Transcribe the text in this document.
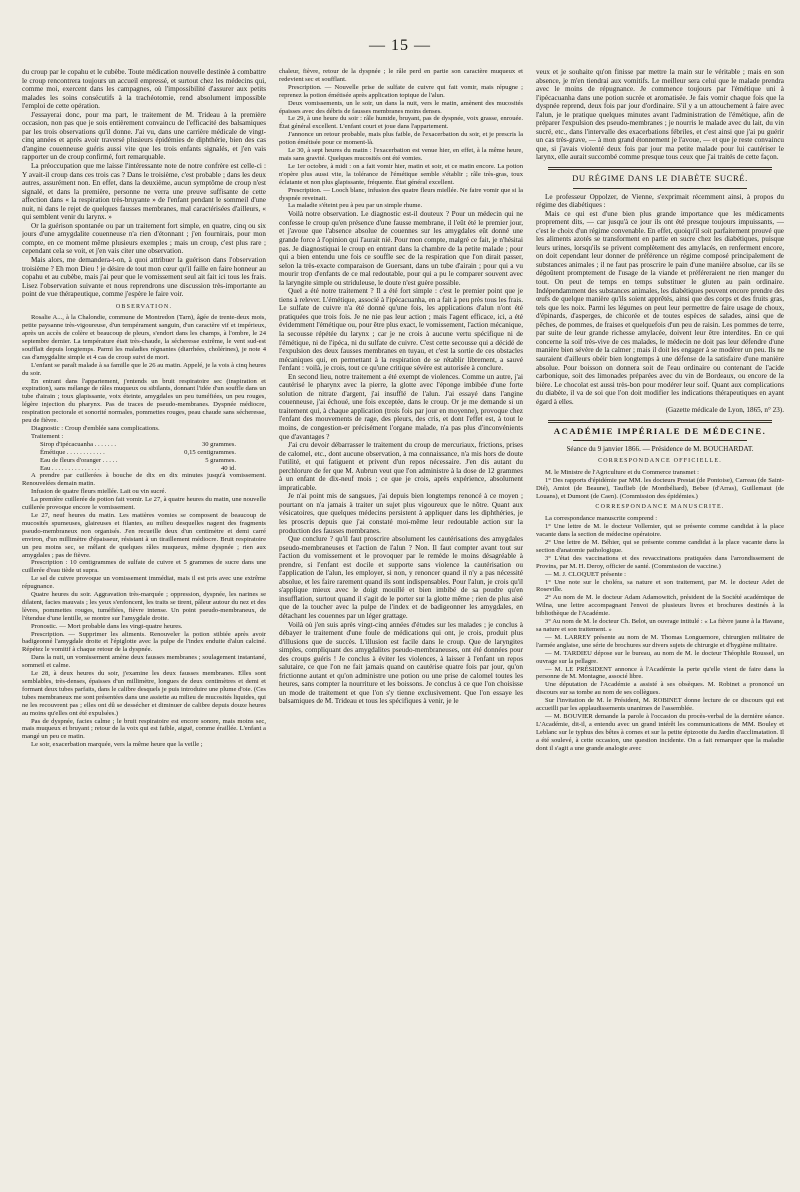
— 15 —

du croup par le copahu et le cubèbe. Toute médication nouvelle destinée à combattre le croup rencontrera toujours un accueil empressé, et surtout chez les médecins qui, comme moi, exercent dans les campagnes, où l'impossibilité d'assurer aux petits malades les soins consécutifs à la trachéotomie, rend absolument impossible l'emploi de cette opération.

J'essayerai donc, pour ma part, le traitement de M. Trideau à la première occasion, non pas que je sois entièrement convaincu de l'efficacité des balsamiques par les trois observations qu'il donne. J'ai vu, dans une carrière médicale de vingt-cinq années et après avoir traversé plusieurs épidémies de diphthérie, bien des cas d'angine couenneuse guéris aussi vite que les trois enfants signalés, et j'en vais rapporter un de croup confirmé, fort remarquable.

La préoccupation que me laisse l'intéressante note de notre confrère est celle-ci : Y avait-il croup dans ces trois cas ? Dans le troisième, c'est probable ; dans les deux autres, assurément non. En effet, dans la deuxième, aucun symptôme de croup n'est signalé, et dans la première, personne ne verra une preuve suffisante de cette affection dans « la respiration très-bruyante » de l'enfant pendant le sommeil d'une nuit, ni dans le rejet de quelques fausses membranes, mal caractérisées d'ailleurs, « qui semblent venir du larynx. »

Or la guérison spontanée ou par un traitement fort simple, en quatre, cinq ou six jours d'une amygdalite couenneuse n'a rien d'étonnant ; j'en fournirais, pour mon compte, en ce moment même plusieurs exemples ; mais un croup, c'est plus rare ; cependant cela se voit, et j'en vais citer une observation.

Mais alors, me demandera-t-on, à quoi attribuer la guérison dans l'observation troisième ? Eh mon Dieu ! je désire de tout mon cœur qu'il faille en faire honneur au copahu et au cubèbe, mais j'ai peur que le vomissement seul ait fait ici tous les frais. Lisez l'observation suivante et nous reprendrons une discussion très-importante au point de vue thérapeutique, comme j'espère le faire voir.

OBSERVATION.

Rosalie A..., à la Chalondie, commune de Montredon (Tarn), âgée de trente-deux mois, petite paysanne très-vigoureuse, d'un tempérament sanguin, d'un caractère vif et impérieux, après un accès de colère et beaucoup de pleurs, s'endort dans les champs, à l'ombre, le 24 septembre dernier. La température était très-chaude, la sécheresse extrême, le vent sud-est soufflait depuis longtemps. Parmi les maladies régnantes (diarrhées, cholérines), je note 4 cas d'amygdalite simple et 4 cas de croup suivi de mort.

L'enfant se paraît malade à sa famille que le 26 au matin. Appelé, je la vois à cinq heures du soir.

En entrant dans l'appartement, j'entends un bruit respiratoire sec (inspiration et expiration), sans mélange de râles muqueux ou sibilants, donnant l'idée d'un souffle dans un tube d'airain ; toux glapissante, voix éteinte, amygdales un peu tuméfiées, un peu rouges, légère injection du pharynx. Pas de traces de pseudo-membranes. Dyspnée médiocre, respiration pectorale et sonorité normales, pommettes rouges, peau chaude sans sécheresse, peu de fièvre.

Diagnostic : Croup d'emblée sans complications.

Traitement :

Sirop d'ipécacuanha . . . . . . .	30 grammes.
Émétique . . . . . . . . . . . .	0,15 centigrammes.
Eau de fleurs d'oranger . . . . .	5 grammes.
Eau . . . . . . . . . . . . . . .	40 id.

A prendre par cuillerées à bouche de dix en dix minutes jusqu'à vomissement. Renouvelées demain matin.

Infusion de quatre fleurs miellée. Lait ou vin sucré.

La première cuillerée de potion fait vomir. Le 27, à quatre heures du matin, une nouvelle cuillerée provoque encore le vomissement.

Le 27, neuf heures du matin. Les matières vomies se composent de beaucoup de mucosités spumeuses, glaireuses et filantes, au milieu desquelles nagent des fragments pseudo-membraneux non organisés. J'en recueille deux d'un centimètre et demi carré environ, d'un millimètre d'épaisseur, résistant à un tiraillement médiocre. Bruit respiratoire un peu moins sec, se mêlant de quelques râles muqueux, même dyspnée ; rien aux amygdales ; pas de fièvre.

Prescription : 10 centigrammes de sulfate de cuivre et 5 grammes de sucre dans une cuillerée d'eau tiède ut supra.

Le sel de cuivre provoque un vomissement immédiat, mais il est pris avec une extrême répugnance.

Quatre heures du soir. Aggravation très-marquée ; oppression, dyspnée, les narines se dilatent, facies mauvais ; les yeux s'enfoncent, les traits se tirent, pâleur autour du nez et des lèvres, pommettes rouges, tuméfiées, fièvre intense. Un point pseudo-membraneux, de l'étendue d'une lentille, se montre sur l'amygdale droite.

Pronostic. — Mort probable dans les vingt-quatre heures.

Prescription. — Supprimer les aliments. Renouveler la potion stibiée après avoir badigeonné l'amygdale droite et l'épiglotte avec la pulpe de l'index enduite d'alun calciné. Répétez le vomitif à chaque retour de la dyspnée.

Dans la nuit, un vomissement amène deux fausses membranes ; soulagement instantané, sommeil et calme.

Le 28, à deux heures du soir, j'examine les deux fausses membranes. Elles sont semblables, très-denses, épaisses d'un millimètre, longues de deux centimètres et demi et formant deux tubes parfaits, dans le calibre desquels je puis introduire une plume d'oie. (Ces tubes membraneux me sont présentées dans une assiette au milieu de mucosités liquides, qui ne les recouvrent pas ; elles ont dû se dessécher et diminuer de calibre depuis douze heures au moins qu'elles ont été expulsées.)

Pas de dyspnée, facies calme ; le bruit respiratoire est encore sonore, mais moins sec, mais muqueux et bruyant ; retour de la voix qui est faible, aiguë, comme éraillée. L'enfant a mangé un peu ce matin.

Le soir, exacerbation marquée, vers la même heure que la veille ;

chaleur, fièvre, retour de la dyspnée ; le râle perd en partie son caractère muqueux et redevient sec et soufflant.

Prescription. — Nouvelle prise de sulfate de cuivre qui fait vomir, mais répugne ; reprenez la potion émétisée après application topique de l'alun.

Deux vomissements, un le soir, un dans la nuit, vers le matin, amènent des mucosités épaisses avec des débris de fausses membranes moins denses.

Le 29, à une heure du soir : râle humide, bruyant, pas de dyspnée, voix grasse, enrouée. État général excellent. L'enfant court et joue dans l'appartement.

J'annonce un retour probable, mais plus faible, de l'exacerbation du soir, et je prescris la potion émétisée pour ce moment-là.

Le 30, à sept heures du matin : l'exacerbation est venue hier, en effet, à la même heure, mais sans gravité. Quelques mucosités ont été vomies.

Le 1er octobre, à midi : on a fait vomir hier, matin et soir, et ce matin encore. La potion n'opère plus aussi vite, la tolérance de l'émétique semble s'établir ; râle très-gras, toux éclatante et non plus glapissante, fréquente. État général excellent.

Prescription. — Looch blanc, infusion des quatre fleurs miellée. Ne faire vomir que si la dyspnée reveinait.

La maladie s'éteint peu à peu par un simple rhume.

Voilà notre observation. Le diagnostic est-il douteux ? Pour un médecin qui ne confesse le croup qu'en présence d'une fausse membrane, il l'eût été le premier jour, et j'avoue que l'absence absolue de couennes sur les amygdales eût donné une grande force à l'opinion qui l'aurait nié. Pour mon compte, malgré ce fait, je n'hésitai pas. Je diagnostiquai le croup en entrant dans la chambre de la petite malade ; pour qui a bien entendu une fois ce souffle sec de la respiration que l'on dirait passer, selon la très-exacte comparaison de Guersant, dans un tube d'airain ; pour qui a vu mourir trop d'enfants de ce mal redoutable, pour qui a pu le comparer souvent avec la laryngite simple ou striduleuse, le doute n'est guère possible.

Quel a été notre traitement ? Il a été fort simple : c'est le premier point que je tiens à relever. L'émétique, associé à l'ipécacuanha, en a fait à peu près tous les frais. Le sulfate de cuivre n'a été donné qu'une fois, les applications d'alun n'ont été pratiquées que trois fois. Je ne nie pas leur action ; mais l'agent efficace, ici, a été évidemment l'émétique ou, pour être plus exact, le vomissement, l'action mécanique, la secousse répétée du larynx ; car je ne crois à aucune vertu spécifique ni de l'émétique, ni de l'ipéca, ni du sulfate de cuivre. C'est cette secousse qui a décidé de l'expulsion des deux fausses membranes en tuyau, et c'est la sortie de ces obstacles mécaniques qui, en permettant à la respiration de se rétablir librement, a sauvé l'enfant : voilà, je crois, tout ce qu'une critique sévère est autorisée à conclure.

En second lieu, notre traitement a été exempt de violences. Comme un autre, j'ai cautérisé le pharynx avec la pierre, la glotte avec l'éponge imbibée d'une forte solution de nitrate d'argent, j'ai insufflé de l'alun. J'ai essayé dans l'angine couenneuse, j'ai échoué, une fois exceptée, dans le croup. Or je me demande si un traitement qui, à chaque application (trois fois par jour en moyenne), provoque chez l'enfant des mouvements de rage, des pleurs, des cris, et dont l'effet est, à tout le moins, de congestion-er précisément l'organe malade, n'a pas plus d'inconvénients que d'avantages ?

J'ai cru devoir débarrasser le traitement du croup de mercuriaux, frictions, prises de calomel, etc., dont aucune observation, à ma connaissance, n'a mis hors de doute l'utilité, et qui fatiguent et privent d'un repos nécessaire. J'en dis autant du perchlorure de fer que M. Aubrun veut que l'on administre à la dose de 12 grammes à un enfant de dix-neuf mois ; ce que je crois, après expérience, absolument impraticable.

Je n'ai point mis de sangsues, j'ai depuis bien longtemps renoncé à ce moyen ; pourtant on n'a jamais à traiter un sujet plus vigoureux que le nôtre. Quant aux vésicatoires, que quelques médecins persistent à appliquer dans les diphthéries, je les proscris depuis que j'ai constaté moi-même leur redoutable action sur la production des fausses membranes.

Que conclure ? qu'il faut proscrire absolument les cautérisations des amygdales pseudo-membraneuses et l'action de l'alun ? Non. Il faut compter avant tout sur l'action du vomissement et le provoquer par le remède le moins désagréable à prendre, si l'enfant est docile et supporte sans violence la cautérisation ou l'application de l'alun, les employer, si non, y renoncer quand il n'y a pas nécessité absolue, et les faire rarement quand ils sont indispensables. Pour l'alun, je crois qu'il s'applique mieux avec le doigt mouillé et bien imbibé de sa poudre qu'en insufflation, surtout quand il s'agit de le porter sur la glotte même ; rien de plus aisé que de la toucher avec la pulpe de l'index et de badigeonner les amygdales, en détachant les couennes par un léger grattage.

Voilà où j'en suis après vingt-cinq années d'études sur les malades ; je conclus à débayer le traitement d'une foule de médications qui ont, je crois, produit plus d'illusions que de succès. L'illusion est facile dans le croup. Que de laryngites simples, compliquant des amygdalites pseudo-membraneuses, ont été données pour des croups guéris ! Je conclus à éviter les violences, à laisser à l'enfant un repos salutaire, ce que l'on ne fait jamais quand on cautérise quatre fois par jour, qu'on frictionne autant et qu'on administre une potion ou une prise de calomel toutes les heures, sans compter la nourriture et les boissons. Je conclus à ce que l'on choisisse un mode de traitement et que l'on s'y tienne exclusivement. Que l'on essaye les balsamiques de M. Trideau et tous les spécifiques à venir, je le

veux et je souhaite qu'on finisse par mettre la main sur le véritable ; mais en son absence, je m'en tiendrai aux vomitifs. Le meilleur sera celui que le malade prendra avec le moins de répugnance. Je commence toujours par l'émétique uni à l'ipécacuanha dans une potion sucrée et aromatisée. Je fais vomir chaque fois que la dyspnée reprend, deux fois par jour d'ordinaire. S'il y a un attouchement à faire avec l'alun, je le pratique quelques minutes avant l'administration de l'émétique, afin de préparer l'expulsion des pseudo-membranes ; je nourris le malade avec du lait, du vin sucré, etc., dans l'intervalle des exacerbations fébriles, et c'est ainsi que j'ai pu guérir un cas très-grave, — à mon grand étonnement je l'avoue, — et que je reste convaincu que, si j'avais violenté deux fois par jour ma petite malade pour lui cautériser le larynx, elle aurait succombé comme presque tous ceux que j'ai traités de cette façon.

DU RÉGIME DANS LE DIABÈTE SUCRÉ.

Le professeur Oppolzer, de Vienne, s'exprimait récemment ainsi, à propos du régime des diabétiques :

Mais ce qui est d'une bien plus grande importance que les médicaments proprement dits, — car jusqu'à ce jour ils ont été presque toujours impuissants, — c'est le choix d'un régime convenable. En effet, quoiqu'il soit parfaitement prouvé que les aliments azotés se transforment en partie en sucre chez les diabétiques, puisque leurs urines, lorsqu'ils se privent complètement des amylacés, en renferment encore, on doit cependant leur donner de préférence un régime composé principalement de substances animales ; il ne faut pas proscrire le pain d'une manière absolue, car ils se dégoûtent promptement de l'usage de la viande et préféreraient ne rien manger du tout. On peut de temps en temps substituer le gluten au pain ordinaire. Indépendamment des substances animales, les diabétiques peuvent encore prendre des œufs de quelque manière qu'ils soient apprêtés, ainsi que des corps et des fruits gras, tels que les noix. Parmi les légumes on peut leur permettre de faire usage de choux, d'épinards, d'asperges, de chicorée et de toutes espèces de salades, ainsi que de pêches, de pommes, de fraises et quelquefois d'un peu de raisin. Les pommes de terre, par suite de leur grande richesse amylacée, doivent leur être interdites. En ce qui concerne la soif très-vive de ces malades, le médecin ne doit pas leur défendre d'une manière bien sévère de la calmer ; mais il doit les engager à se modérer un peu. Ils ne sauraient d'ailleurs obéir bien longtemps à une défense de la satisfaire d'une manière absolue. Pour boisson on donnera soit de l'eau ordinaire ou contenant de l'acide carbonique, soit des limonades préparées avec du vin de Bordeaux, ou encore de la bière. Le chocolat est aussi très-bon pour modérer leur soif. Quant aux complications du diabète, il va de soi que l'on doit modifier les indications thérapeutiques en ayant égard à elles.

(Gazette médicale de Lyon, 1865, n° 23).

ACADÉMIE IMPÉRIALE DE MÉDECINE.

Séance du 9 janvier 1866. — Présidence de M. BOUCHARDAT.

CORRESPONDANCE OFFICIELLE.

M. le Ministre de l'Agriculture et du Commerce transmet :

1° Des rapports d'épidémie par MM. les docteurs Prestat (de Pontoise), Carreau (de Saint-Dié), Amiot (de Beaune), Tauflieb (de Montbéliard), Bebee (d'Arras), Guillemaut (de Louans), et Dumont (de Caen). (Commission des épidémies.)

CORRESPONDANCE MANUSCRITE.

La correspondance manuscrite comprend :

1° Une lettre de M. le docteur Vollemier, qui se présente comme candidat à la place vacante dans la section de médecine opératoire.

2° Une lettre de M. Béhier, qui se présente comme candidat à la place vacante dans la section d'anatomie pathologique.

3° L'état des vaccinations et des revaccinations pratiquées dans l'arrondissement de Provins, par M. H. Deroy, officier de santé. (Commission de vaccine.)

— M. J. CLOQUET présente :

1° Une note sur le choléra, sa nature et son traitement, par M. le docteur Adet de Roseville.

2° Au nom de M. le docteur Adam Adamowitch, président de la Société académique de Wilna, une lettre accompagnant l'envoi de plusieurs livres et brochures destinés à la bibliothèque de l'Académie.

3° Au nom de M. le docteur Ch. Belot, un ouvrage intitulé : « La fièvre jaune à la Havane, sa nature et son traitement. »

— M. LARREY présente au nom de M. Thomas Longuemore, chirurgien militaire de l'armée anglaise, une série de brochures sur divers sujets de chirurgie et d'hygiène militaire.

— M. TARDIEU dépose sur le bureau, au nom de M. le docteur Théophile Roussel, un ouvrage sur la pellagre.

— M. LE PRÉSIDENT annonce à l'Académie la perte qu'elle vient de faire dans la personne de M. Montagne, associé libre.

Une députation de l'Académie a assisté à ses obsèques. M. Robinet a prononcé un discours sur sa tombe au nom de ses collègues.

Sur l'invitation de M. le Président, M. ROBINET donne lecture de ce discours qui est accueilli par les applaudissements unanimes de l'assemblée.

— M. BOUVIER demande la parole à l'occasion du procès-verbal de la dernière séance. L'Académie, dit-il, a entendu avec un grand intérêt les communications de MM. Bouley et Leblanc sur le typhus des bêtes à cornes et sur la petite épizootie du Jardin d'acclimatation. Il a été soulevé, à cette occasion, une question incidente. On a fait remarquer que la maladie dont il s'agit a une grande analogie avec
